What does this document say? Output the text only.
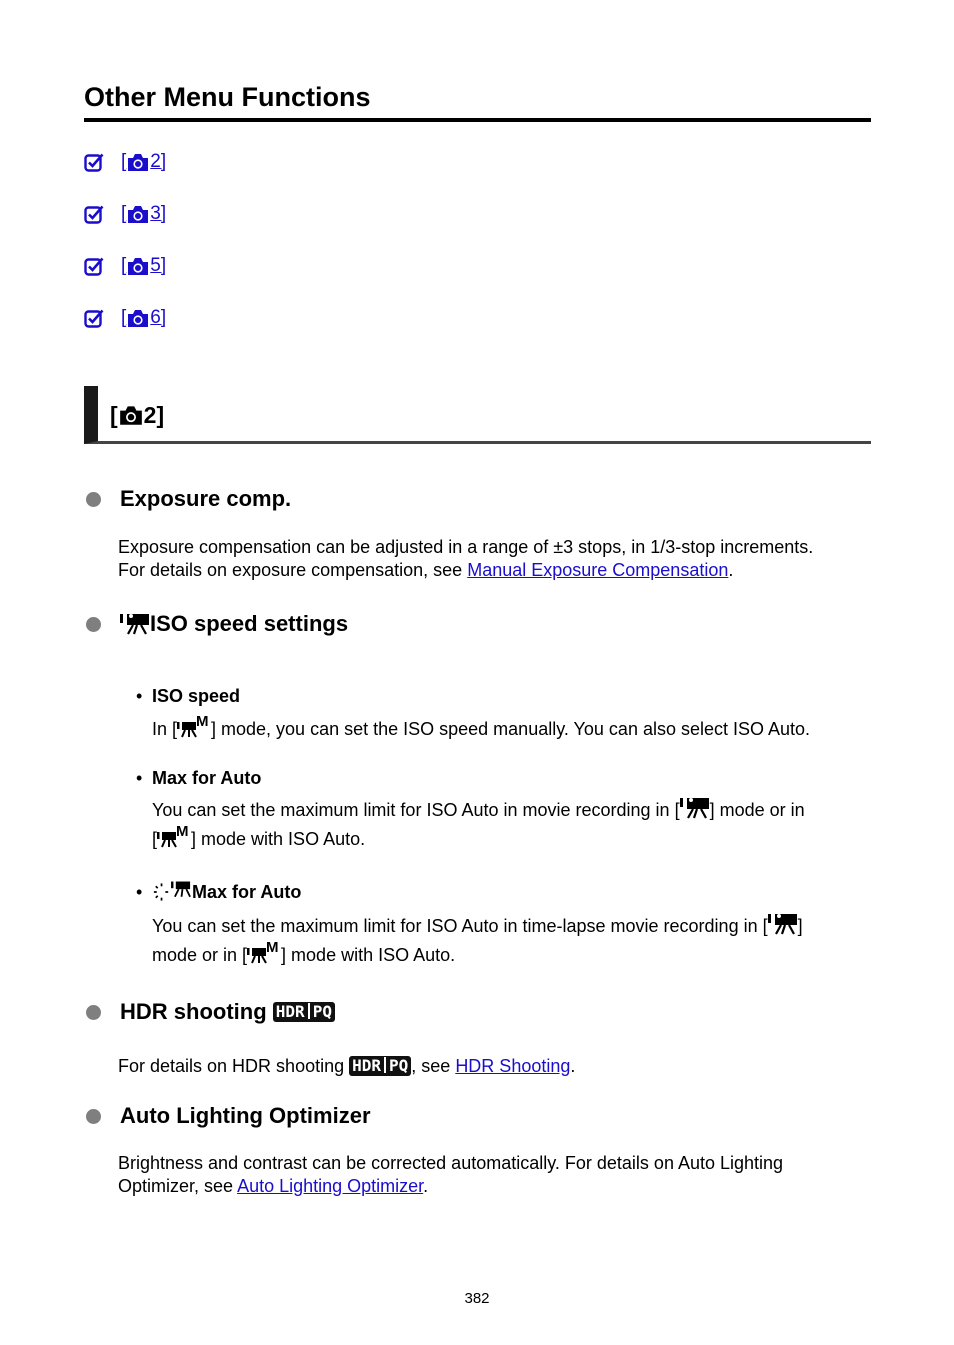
Other Menu Functions
[ 2 ]
[ 3 ]
[ 5 ]
[ 6 ]
[ 2 ]
Exposure comp.

Exposure compensation can be adjusted in a range of ±3 stops, in 1/3-stop increments.
For details on exposure compensation, see Manual Exposure Compensation.

ISO speed settings
• ISO speed

In [ ] mode, you can set the ISO speed manually. You can also select ISO Auto.

• Max for Auto

You can set the maximum limit for ISO Auto in movie recording in [ ] mode or in
[ ] mode with ISO Auto.

•	Max for Auto

You can set the maximum limit for ISO Auto in time-lapse movie recording in [ ]
mode or in [ ] mode with ISO Auto.

HDR shooting
HDR PQ

For details on HDR shooting HDR PQ , see HDR Shooting.

Auto Lighting Optimizer

Brightness and contrast can be corrected automatically. For details on Auto Lighting
Optimizer, see Auto Lighting Optimizer.

382
